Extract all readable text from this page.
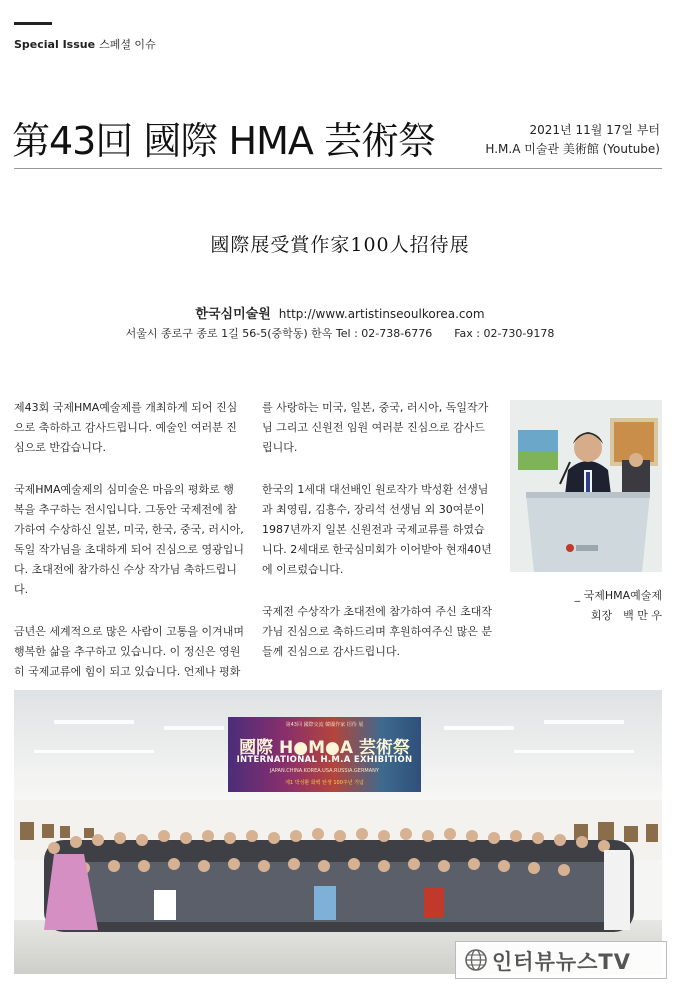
Special Issue 스페셜 이슈
第43回 國際 HMA 芸術祭	2021년 11월 17일 부터
H.M.A 미술관 美術館 (Youtube)
國際展受賞作家100人招待展
한국심미술원 http://www.artistinseoulkorea.com
서울시 종로구 종로 1길 56-5(중학동) 한옥 Tel : 02-738-6776　　Fax : 02-730-9178

제43회 국제HMA예술제를 개최하게 되어 진심으로 축하하고 감사드립니다. 예술인 여러분 진심으로 반갑습니다.

국제HMA예술제의 심미술은 마음의 평화로 행복을 추구하는 전시입니다. 그동안 국제전에 참가하여 수상하신 일본, 미국, 한국, 중국, 러시아, 독일 작가님을 초대하게 되어 진심으로 영광입니다. 초대전에 참가하신 수상 작가님 축하드립니다.

금년은 세계적으로 많은 사람이 고통을 이겨내며 행복한 삶을 추구하고 있습니다. 이 정신은 영원히 국제교류에 힘이 되고 있습니다. 언제나 평화

를 사랑하는 미국, 일본, 중국, 러시아, 독일작가님 그리고 신원전 임원 여러분 진심으로 감사드립니다.

한국의 1세대 대선배인 원로작가 박성환 선생님과 최영림, 김흥수, 장리석 선생님 외 30여분이 1987년까지 일본 신원전과 국제교류를 하였습니다. 2세대로 한국심미회가 이어받아 현재40년에 이르렀습니다.

국제전 수상작가 초대전에 참가하여 주신 초대작가님 진심으로 축하드리며 후원하여주신 많은 분들께 진심으로 감사드립니다.

_ 국제HMA예술제
회장　백 만 우
第43回 國際交流 韓國作家 招待 展
國際 H●M●A 芸術祭
INTERNATIONAL H.M.A EXHIBITION
JAPAN.CHINA.KOREA.USA.RUSSIA.GERMANY
제1 박성환 화백 탄생 100주년 기념
인터뷰뉴스TV
